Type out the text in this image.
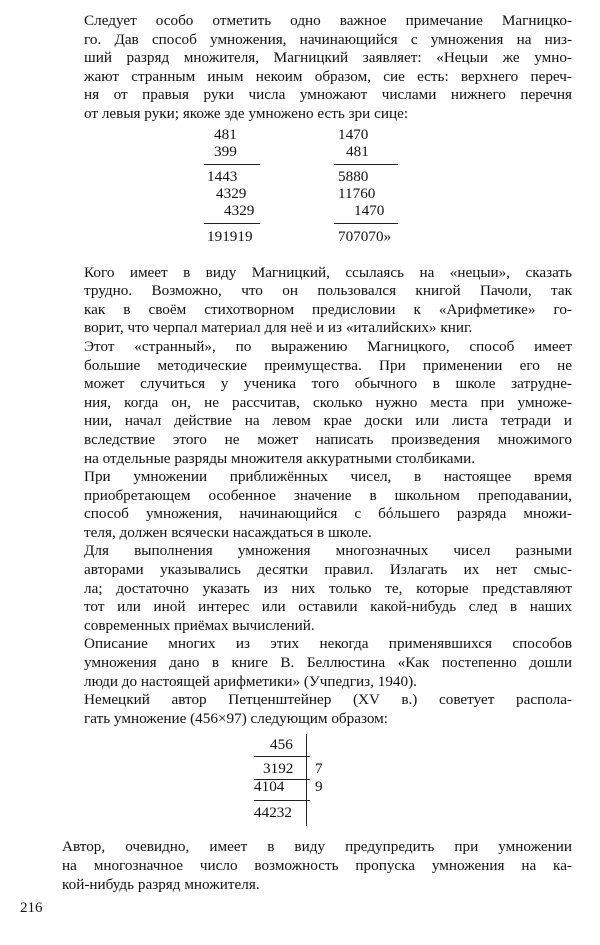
Следует особо отметить одно важное примечание Магницко-
го. Дав способ умножения, начинающийся с умножения на низ-
ший разряд множителя, Магницкий заявляет: «Нецыи же умно-
жают странным иным некоим образом, сие есть: верхнего переч-
ня от правыя руки числа умножают числами нижнего перечня
от левыя руки; якоже зде умножено есть зри сице:

481
399
1443
4329
4329
191919
1470
481
5880
11760
1470
707070»

Кого имеет в виду Магницкий, ссылаясь на «нецыи», сказать
трудно. Возможно, что он пользовался книгой Пачоли, так
как в своём стихотворном предисловии к «Арифметике» го-
ворит, что черпал материал для неё и из «италийских» книг.

Этот «странный», по выражению Магницкого, способ имеет
большие методические преимущества. При применении его не
может случиться у ученика того обычного в школе затрудне-
ния, когда он, не рассчитав, сколько нужно места при умноже-
нии, начал действие на левом крае доски или листа тетради и
вследствие этого не может написать произведения множимого
на отдельные разряды множителя аккуратными столбиками.

При умножении приближённых чисел, в настоящее время
приобретающем особенное значение в школьном преподавании,
способ умножения, начинающийся с бóльшего разряда множи-
теля, должен всячески насаждаться в школе.

Для выполнения умножения многозначных чисел разными
авторами указывались десятки правил. Излагать их нет смыс-
ла; достаточно указать из них только те, которые представляют
тот или иной интерес или оставили какой-нибудь след в наших
современных приёмах вычислений.

Описание многих из этих некогда применявшихся способов
умножения дано в книге В. Беллюстина «Как постепенно дошли
люди до настоящей арифметики» (Учпедгиз, 1940).

Немецкий автор Петценштейнер (XV в.) советует распола-
гать умножение (456×97) следующим образом:

456
3192 7
4104 9
44232

Автор, очевидно, имеет в виду предупредить при умножении
на многозначное число возможность пропуска умножения на ка-
кой-нибудь разряд множителя.

216
